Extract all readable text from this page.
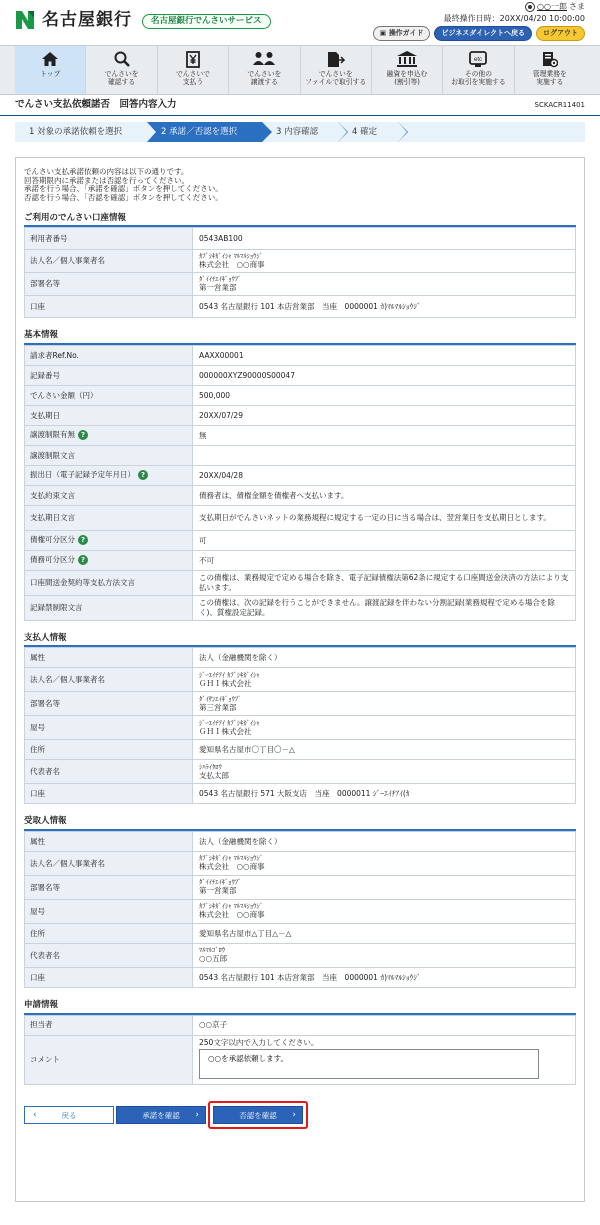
名古屋銀行	名古屋銀行でんさいサービス
○○一郎 さま
最終操作日時：20XX/04/20 10:00:00
▣ 操作ガイド	ビジネスダイレクトへ戻る	ログアウト
トップ	でんさいを
確認する
でんさいで
支払う
でんさいを
譲渡する
でんさいを
ファイルで取引する
融資を申込む
(割引等)
etc
その他の
お取引を実施する
管理業務を
実施する
でんさい支払依頼諾否　回答内容入力	SCKACR11401
1 対象の承諾依頼を選択	2 承諾／否認を選択	3 内容確認	4 確定
でんさい支払承諾依頼の内容は以下の通りです。
回答期限内に承諾または否認を行ってください。
承諾を行う場合、「承諾を確認」ボタンを押してください。
否認を行う場合、「否認を確認」ボタンを押してください。
ご利用のでんさい口座情報
利用者番号	0543AB100
法人名／個人事業者名	ｶﾌﾞｼｷｶﾞｲｼｬ ﾏﾙﾏﾙｼｮｳｼﾞ
株式会社　○○商事

部署名等	ﾀﾞｲｲﾁｴｲｷﾞｮｳﾌﾞ
第一営業部

口座	0543 名古屋銀行 101 本店営業部　当座　0000001 ｶ)ﾏﾙﾏﾙｼｮｳｼﾞ
基本情報
請求者Ref.No.	AAXX00001
記録番号	000000XYZ90000S00047
でんさい金額（円）	500,000
支払期日	20XX/07/29
譲渡制限有無 ?	無
譲渡制限文言	
振出日（電子記録予定年月日） ?	20XX/04/28
支払約束文言	債務者は、債権金額を債権者へ支払います。
支払期日文言	支払期日がでんさいネットの業務規程に規定する一定の日に当る場合は、翌営業日を支払期日とします。
債権可分区分 ?	可
債務可分区分 ?	不可
口座間送金契約等支払方法文言	この債権は、業務規定で定める場合を除き、電子記録債権法第62条に規定する口座間送金決済の方法により支払います。
記録禁制限文言	この債権は、次の記録を行うことができません。譲渡記録を伴わない分割記録(業務規程で定める場合を除く)、質権設定記録。
支払人情報
属性	法人（金融機関を除く）
法人名／個人事業者名	ｼﾞｰｴｲﾁｱｲ ｶﾌﾞｼｷｶﾞｲｼｬ
ＧＨＩ株式会社

部署名等	ﾀﾞｲｻﾝｴｲｷﾞｮｳﾌﾞ
第三営業部

屋号	ｼﾞｰｴｲﾁｱｲ ｶﾌﾞｼｷｶﾞｲｼｬ
ＧＨＩ株式会社

住所	愛知県名古屋市〇丁目〇－△
代表者名	ｼﾊﾗｲﾀﾛｳ
支払太郎

口座	0543 名古屋銀行 571 大阪支店　当座　0000011 ｼﾞｰｴｲﾁｱｲ(ｶ
受取人情報
属性	法人（金融機関を除く）
法人名／個人事業者名	ｶﾌﾞｼｷｶﾞｲｼｬ ﾏﾙﾏﾙｼｮｳｼﾞ
株式会社　○○商事

部署名等	ﾀﾞｲｲﾁｴｲｷﾞｮｳﾌﾞ
第一営業部

屋号	ｶﾌﾞｼｷｶﾞｲｼｬ ﾏﾙﾏﾙｼｮｳｼﾞ
株式会社　○○商事

住所	愛知県名古屋市△丁目△－△
代表者名	ﾏﾙﾏﾙｺﾞﾛｳ
○○五郎

口座	0543 名古屋銀行 101 本店営業部　当座　0000001 ｶ)ﾏﾙﾏﾙｼｮｳｼﾞ
申請情報
担当者	○○京子
コメント	250文字以内で入力してください。
○○を承認依頼します。
‹	戻る	承諾を確認 ›	否認を確認 ›
